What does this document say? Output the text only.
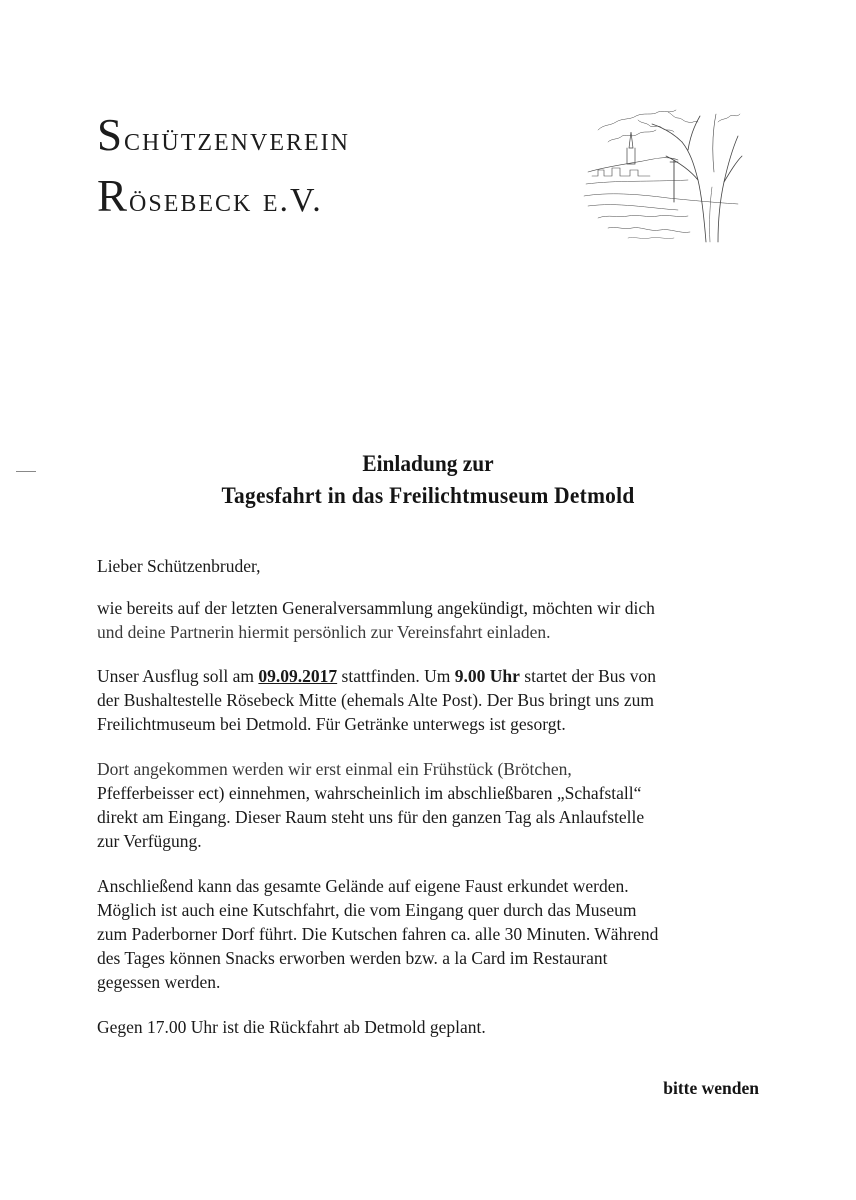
Schützenverein
Rösebeck e.V.
Einladung zur
Tagesfahrt in das Freilichtmuseum Detmold

Lieber Schützenbruder,

wie bereits auf der letzten Generalversammlung angekündigt, möchten wir dich
und deine Partnerin hiermit persönlich zur Vereinsfahrt einladen.
Unser Ausflug soll am 09.09.2017 stattfinden. Um 9.00 Uhr startet der Bus von
der Bushaltestelle Rösebeck Mitte (ehemals Alte Post). Der Bus bringt uns zum
Freilichtmuseum bei Detmold. Für Getränke unterwegs ist gesorgt.
Dort angekommen werden wir erst einmal ein Frühstück (Brötchen,
Pfefferbeisser ect) einnehmen, wahrscheinlich im abschließbaren „Schafstall“
direkt am Eingang. Dieser Raum steht uns für den ganzen Tag als Anlaufstelle
zur Verfügung.
Anschließend kann das gesamte Gelände auf eigene Faust erkundet werden.
Möglich ist auch eine Kutschfahrt, die vom Eingang quer durch das Museum
zum Paderborner Dorf führt. Die Kutschen fahren ca. alle 30 Minuten. Während
des Tages können Snacks erworben werden bzw. a la Card im Restaurant
gegessen werden.

Gegen 17.00 Uhr ist die Rückfahrt ab Detmold geplant.

bitte wenden
